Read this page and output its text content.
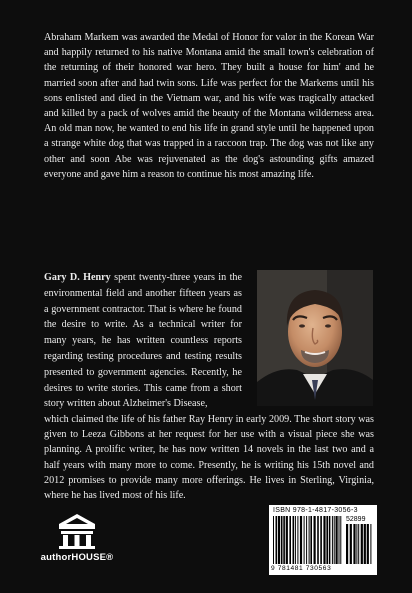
Abraham Markem was awarded the Medal of Honor for valor in the Korean War and happily returned to his native Montana amid the small town's celebration of the returning of their honored war hero. They built a house for him' and he married soon after and had twin sons. Life was perfect for the Markems until his sons enlisted and died in the Vietnam war, and his wife was tragically attacked and killed by a pack of wolves amid the beauty of the Montana wilderness area. An old man now, he wanted to end his life in grand style until he happened upon a strange white dog that was trapped in a raccoon trap. The dog was not like any other and soon Abe was rejuvenated as the dog's astounding gifts amazed everyone and gave him a reason to continue his most amazing life.

Gary D. Henry spent twenty-three years in the environmental field and another fifteen years as a government contractor. That is where he found the desire to write. As a technical writer for many years, he has written countless reports regarding testing procedures and testing results presented to government agencies. Recently, he desires to write stories. This came from a short story written about Alzheimer's Disease,

which claimed the life of his father Ray Henry in early 2009. The short story was given to Leeza Gibbons at her request for her use with a visual piece she was planning. A prolific writer, he has now written 14 novels in the last two and a half years with many more to come. Presently, he is writing his 15th novel and 2012 promises to provide many more offerings. He lives in Sterling, Virginia, where he has lived most of his life.

authorHOUSE®
ISBN 978-1-4817-3056-3
52899
9 781481 730563
